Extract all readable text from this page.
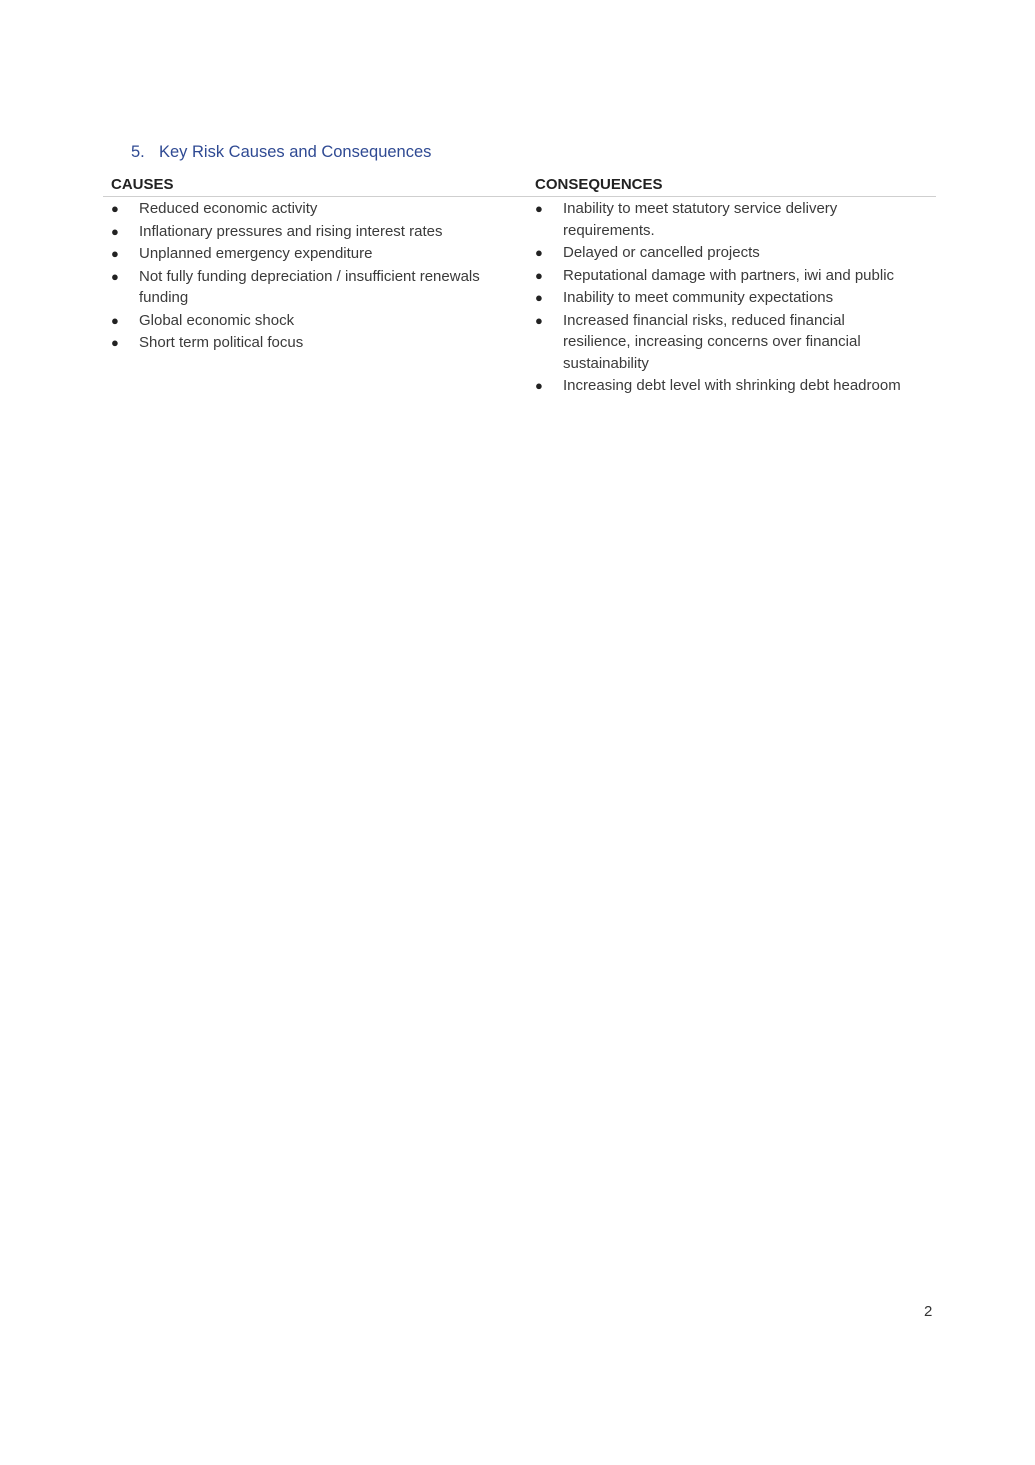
5. Key Risk Causes and Consequences
CAUSES	CONSEQUENCES
● Reduced economic activity
● Inflationary pressures and rising interest rates
● Unplanned emergency expenditure
● Not fully funding depreciation / insufficient renewals funding
● Global economic shock
● Short term political focus
● Inability to meet statutory service delivery requirements.
● Delayed or cancelled projects
● Reputational damage with partners, iwi and public
● Inability to meet community expectations
● Increased financial risks, reduced financial resilience, increasing concerns over financial sustainability
● Increasing debt level with shrinking debt headroom
2
